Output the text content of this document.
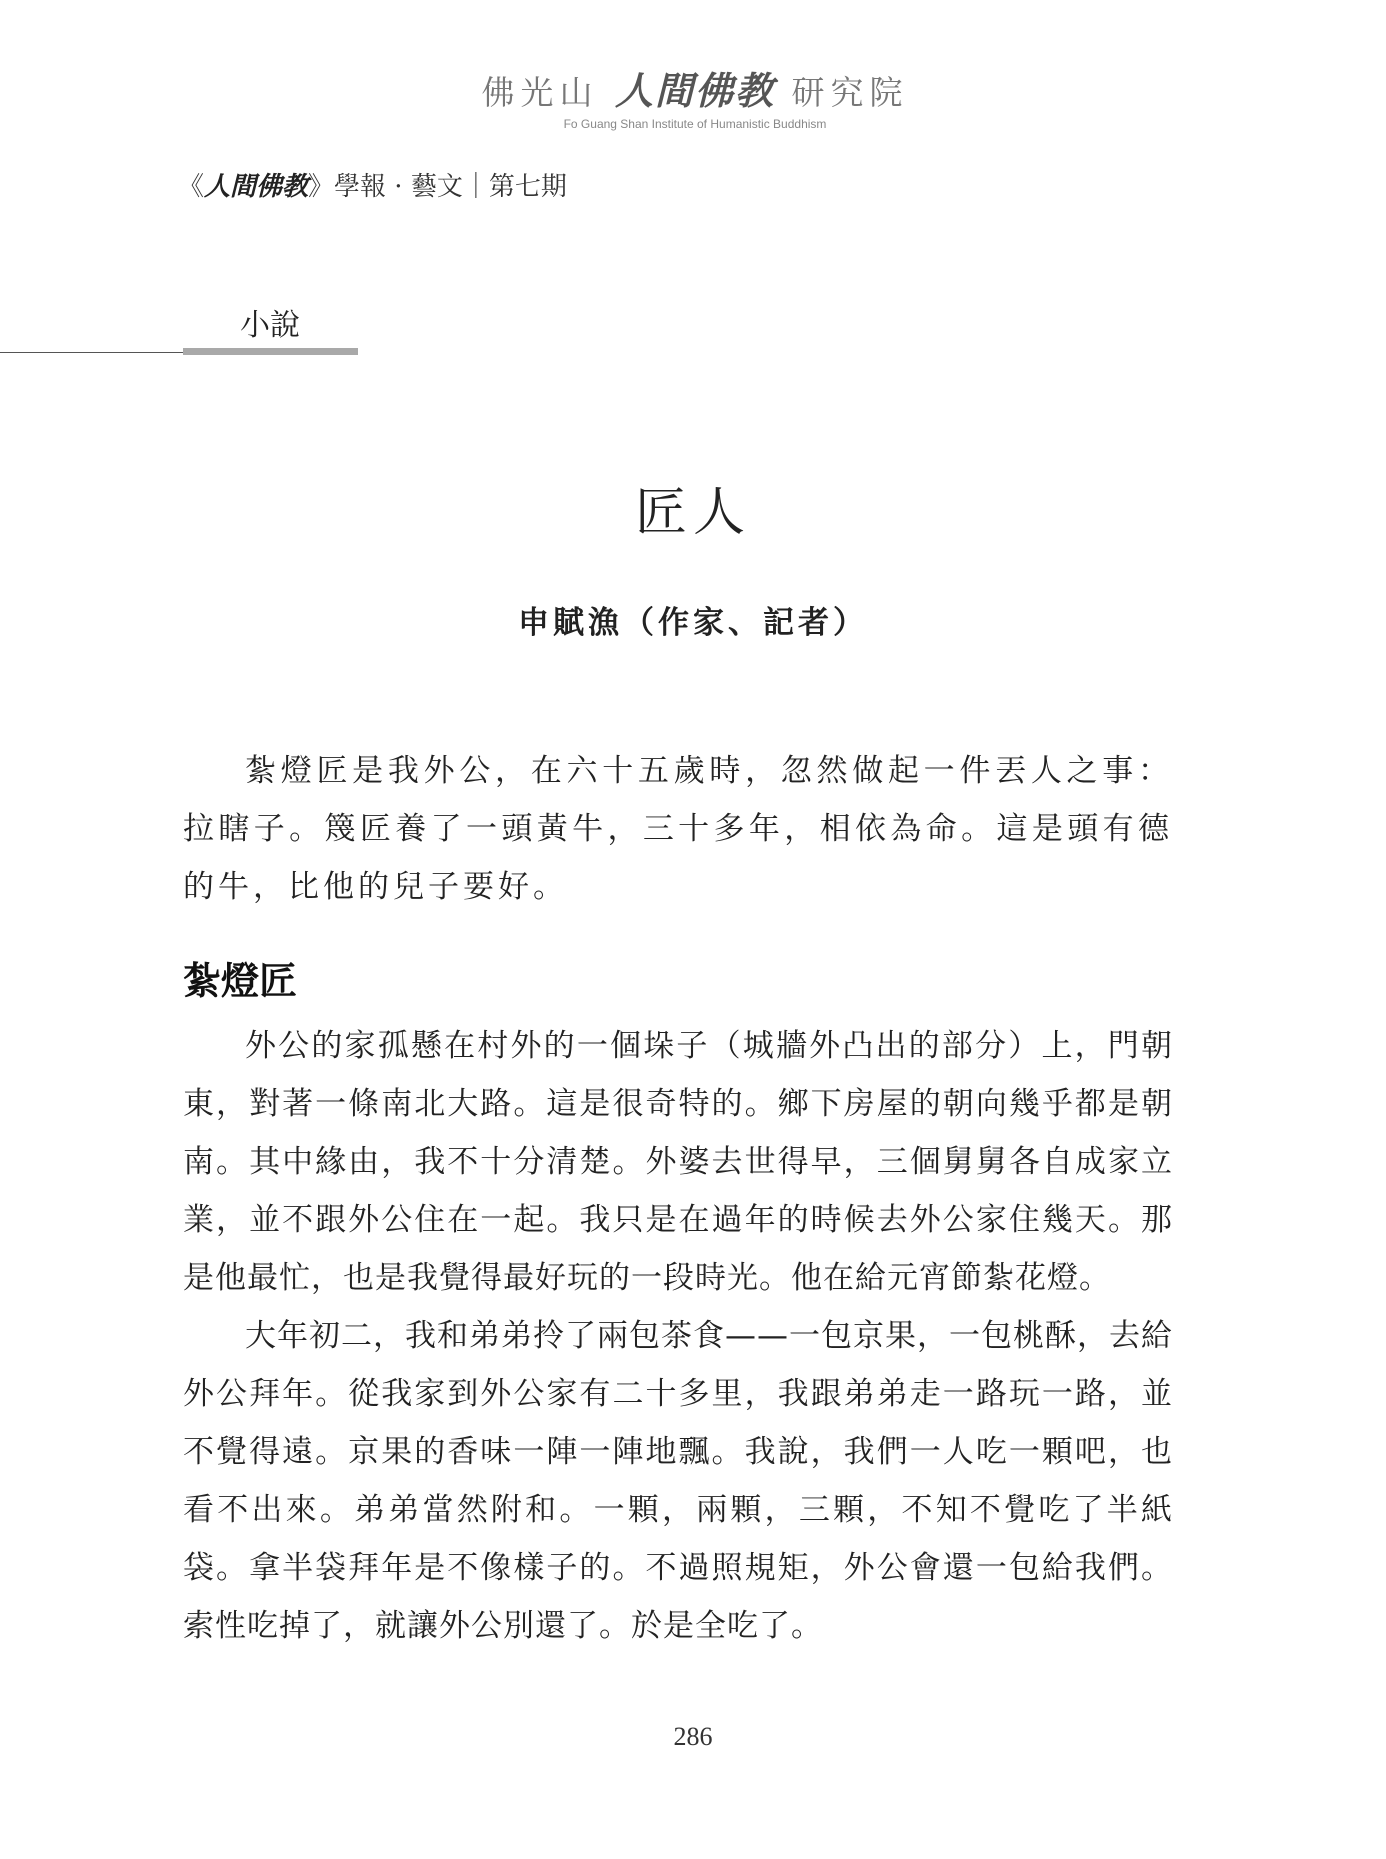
佛光山 人間佛教 研究院
Fo Guang Shan Institute of Humanistic Buddhism
《人間佛教》學報 · 藝文｜第七期
小說
匠人
申賦漁（作家、記者）

紮燈匠是我外公，在六十五歲時，忽然做起一件丟人之事：拉瞎子。篾匠養了一頭黃牛，三十多年，相依為命。這是頭有德的牛，比他的兒子要好。

紮燈匠

外公的家孤懸在村外的一個垛子（城牆外凸出的部分）上，門朝東，對著一條南北大路。這是很奇特的。鄉下房屋的朝向幾乎都是朝南。其中緣由，我不十分清楚。外婆去世得早，三個舅舅各自成家立業，並不跟外公住在一起。我只是在過年的時候去外公家住幾天。那是他最忙，也是我覺得最好玩的一段時光。他在給元宵節紮花燈。

大年初二，我和弟弟拎了兩包茶食——一包京果，一包桃酥，去給外公拜年。從我家到外公家有二十多里，我跟弟弟走一路玩一路，並不覺得遠。京果的香味一陣一陣地飄。我說，我們一人吃一顆吧，也看不出來。弟弟當然附和。一顆，兩顆，三顆，不知不覺吃了半紙袋。拿半袋拜年是不像樣子的。不過照規矩，外公會還一包給我們。索性吃掉了，就讓外公別還了。於是全吃了。

286
